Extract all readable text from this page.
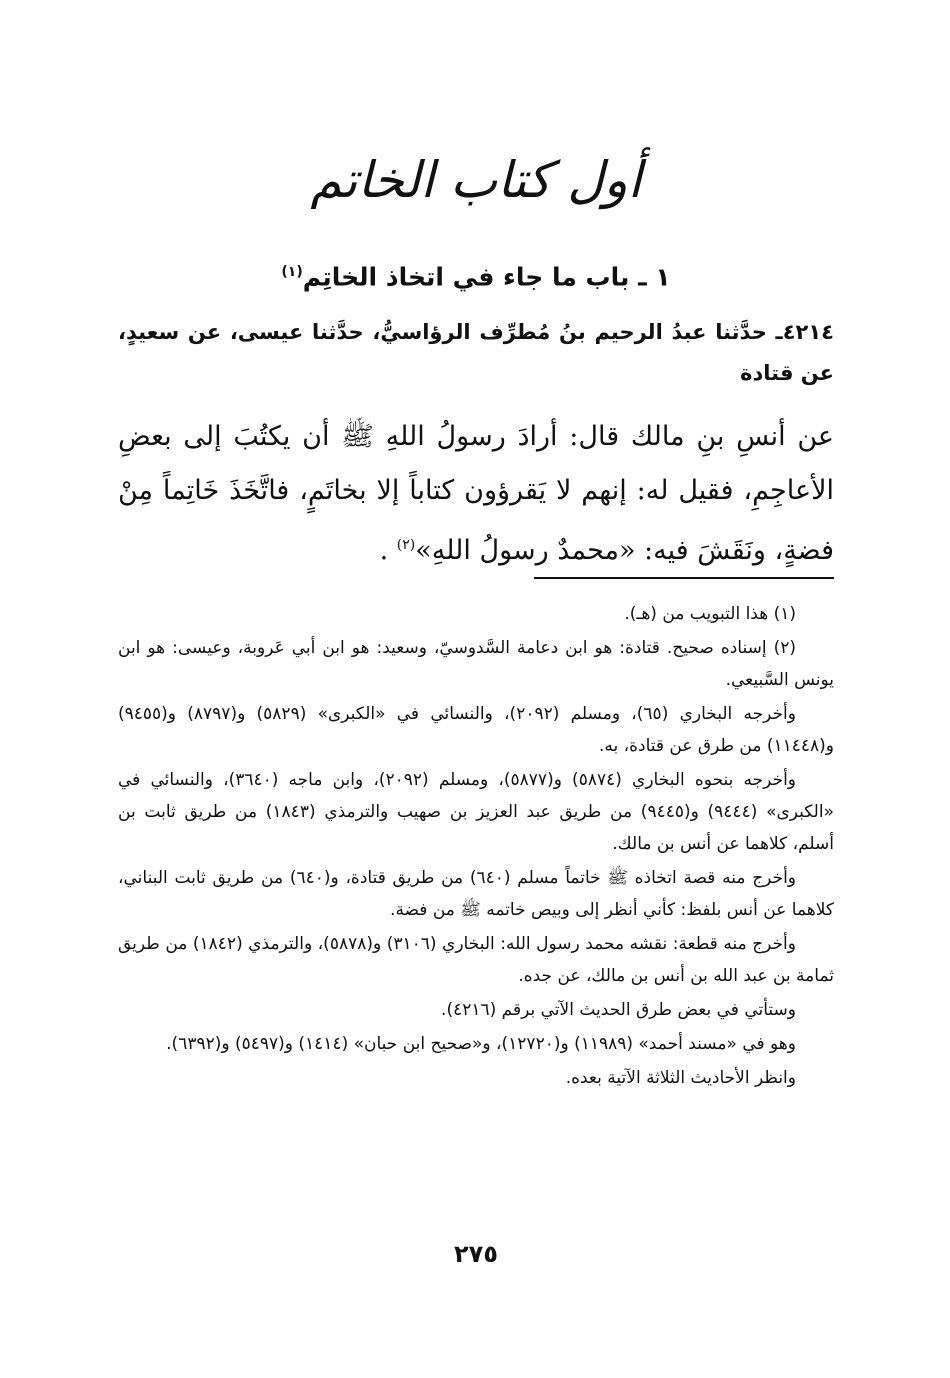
أول كتاب الخاتم
١ ـ باب ما جاء في اتخاذ الخاتِم$^{(١)}$
٤٢١٤ـ حدَّثنا عبدُ الرحيم بنُ مُطرِّف الرؤاسيُّ، حدَّثنا عيسى، عن سعيدٍ، عن قتادة
عن أنسِ بنِ مالك قال: أرادَ رسولُ اللهِ ﷺ أن يكتُبَ إلى بعضِ الأعاجِمِ، فقيل له: إنهم لا يَقرؤون كتاباً إلا بخاتَمٍ، فاتَّخَذَ خَاتِماً مِنْ فضةٍ، ونَقَشَ فيه: «محمدٌ رسولُ اللهِ»$^{(٢)}$ .

(١) هذا التبويب من (هـ).

(٢) إسناده صحيح. قتادة: هو ابن دعامة السَّدوسيّ، وسعيد: هو ابن أبي عَروبة، وعيسى: هو ابن يونس السَّبيعي.

وأخرجه البخاري (٦٥)، ومسلم (٢٠٩٢)، والنسائي في «الكبرى» (٥٨٢٩) و(٨٧٩٧) و(٩٤٥٥) و(١١٤٤٨) من طرق عن قتادة، به.

وأخرجه بنحوه البخاري (٥٨٧٤) و(٥٨٧٧)، ومسلم (٢٠٩٢)، وابن ماجه (٣٦٤٠)، والنسائي في «الكبرى» (٩٤٤٤) و(٩٤٤٥) من طريق عبد العزيز بن صهيب والترمذي (١٨٤٣) من طريق ثابت بن أسلم، كلاهما عن أنس بن مالك.

وأخرج منه قصة اتخاذه ﷺ خاتماً مسلم (٦٤٠) من طريق قتادة، و(٦٤٠) من طريق ثابت البناني، كلاهما عن أنس بلفظ: كأني أنظر إلى وبيص خاتمه ﷺ من فضة.

وأخرج منه قطعة: نقشه محمد رسول الله: البخاري (٣١٠٦) و(٥٨٧٨)، والترمذي (١٨٤٢) من طريق ثمامة بن عبد الله بن أنس بن مالك، عن جده.

وستأتي في بعض طرق الحديث الآتي برقم (٤٢١٦).

وهو في «مسند أحمد» (١١٩٨٩) و(١٢٧٢٠)، و«صحيح ابن حبان» (١٤١٤) و(٥٤٩٧) و(٦٣٩٢).

وانظر الأحاديث الثلاثة الآتية بعده.

٢٧٥
